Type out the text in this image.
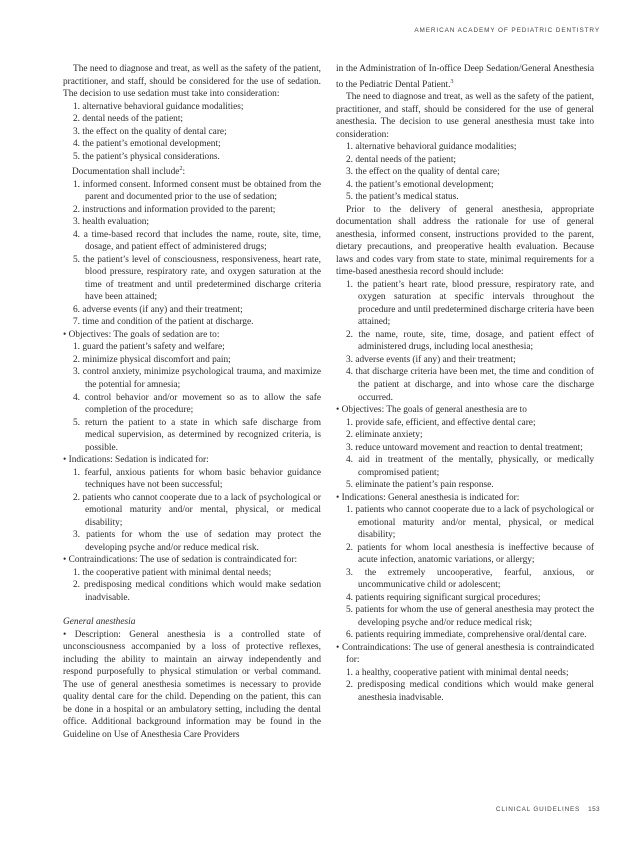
AMERICAN ACADEMY OF PEDIATRIC DENTISTRY

The need to diagnose and treat, as well as the safety of the patient, practitioner, and staff, should be considered for the use of sedation. The decision to use sedation must take into consideration:

1. alternative behavioral guidance modalities;

2. dental needs of the patient;

3. the effect on the quality of dental care;

4. the patient’s emotional development;

5. the patient’s physical considerations.

Documentation shall include$^2$:

1. informed consent. Informed consent must be obtained from the parent and documented prior to the use of sedation;

2. instructions and information provided to the parent;

3. health evaluation;

4. a time-based record that includes the name, route, site, time, dosage, and patient effect of administered drugs;

5. the patient’s level of consciousness, responsiveness, heart rate, blood pressure, respiratory rate, and oxygen saturation at the time of treatment and until predetermined discharge criteria have been attained;

6. adverse events (if any) and their treatment;

7. time and condition of the patient at discharge.

• Objectives: The goals of sedation are to:

1. guard the patient’s safety and welfare;

2. minimize physical discomfort and pain;

3. control anxiety, minimize psychological trauma, and maximize the potential for amnesia;

4. control behavior and/or movement so as to allow the safe completion of the procedure;

5. return the patient to a state in which safe discharge from medical supervision, as determined by recognized criteria, is possible.

• Indications: Sedation is indicated for:

1. fearful, anxious patients for whom basic behavior guidance techniques have not been successful;

2. patients who cannot cooperate due to a lack of psychological or emotional maturity and/or mental, physical, or medical disability;

3. patients for whom the use of sedation may protect the developing psyche and/or reduce medical risk.

• Contraindications: The use of sedation is contraindicated for:

1. the cooperative patient with minimal dental needs;

2. predisposing medical conditions which would make sedation inadvisable.

General anesthesia

• Description: General anesthesia is a controlled state of unconsciousness accompanied by a loss of protective reflexes, including the ability to maintain an airway independently and respond purposefully to physical stimulation or verbal command. The use of general anesthesia sometimes is necessary to provide quality dental care for the child. Depending on the patient, this can be done in a hospital or an ambulatory setting, including the dental office. Additional background information may be found in the Guideline on Use of Anesthesia Care Providers

in the Administration of In-office Deep Sedation/General Anesthesia to the Pediatric Dental Patient.$^3$

The need to diagnose and treat, as well as the safety of the patient, practitioner, and staff, should be considered for the use of general anesthesia. The decision to use general anesthesia must take into consideration:

1. alternative behavioral guidance modalities;

2. dental needs of the patient;

3. the effect on the quality of dental care;

4. the patient’s emotional development;

5. the patient’s medical status.

Prior to the delivery of general anesthesia, appropriate documentation shall address the rationale for use of general anesthesia, informed consent, instructions provided to the parent, dietary precautions, and preoperative health evaluation. Because laws and codes vary from state to state, minimal requirements for a time-based anesthesia record should include:

1. the patient’s heart rate, blood pressure, respiratory rate, and oxygen saturation at specific intervals throughout the procedure and until predetermined discharge criteria have been attained;

2. the name, route, site, time, dosage, and patient effect of administered drugs, including local anesthesia;

3. adverse events (if any) and their treatment;

4. that discharge criteria have been met, the time and condition of the patient at discharge, and into whose care the discharge occurred.

• Objectives: The goals of general anesthesia are to

1. provide safe, efficient, and effective dental care;

2. eliminate anxiety;

3. reduce untoward movement and reaction to dental treatment;

4. aid in treatment of the mentally, physically, or medically compromised patient;

5. eliminate the patient’s pain response.

• Indications: General anesthesia is indicated for:

1. patients who cannot cooperate due to a lack of psychological or emotional maturity and/or mental, physical, or medical disability;

2. patients for whom local anesthesia is ineffective because of acute infection, anatomic variations, or allergy;

3. the extremely uncooperative, fearful, anxious, or uncommunicative child or adolescent;

4. patients requiring significant surgical procedures;

5. patients for whom the use of general anesthesia may protect the developing psyche and/or reduce medical risk;

6. patients requiring immediate, comprehensive oral/dental care.

• Contraindications: The use of general anesthesia is contraindicated for:

1. a healthy, cooperative patient with minimal dental needs;

2. predisposing medical conditions which would make general anesthesia inadvisable.

CLINICAL GUIDELINES 153
